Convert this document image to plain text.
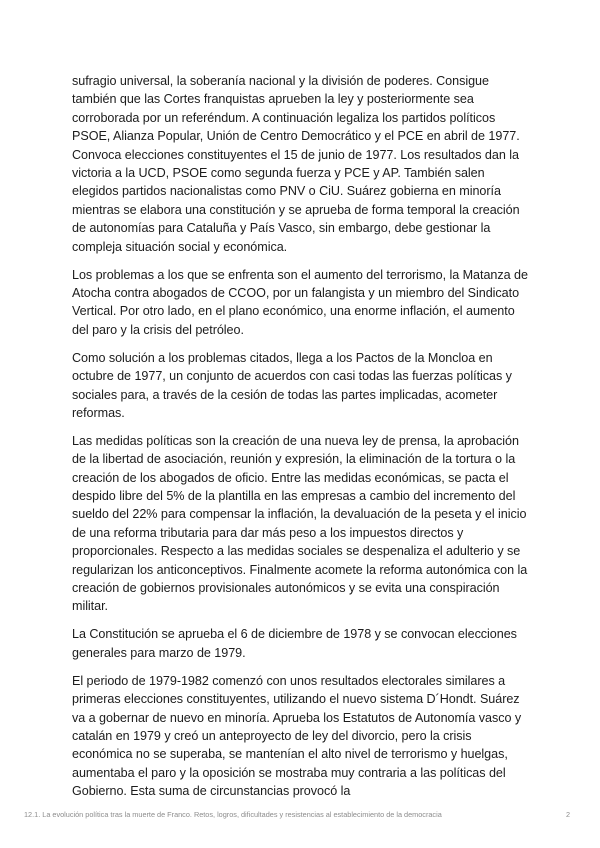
sufragio universal, la soberanía nacional y la división de poderes. Consigue también que las Cortes franquistas aprueben la ley y posteriormente sea corroborada por un referéndum. A continuación legaliza los partidos políticos PSOE, Alianza Popular, Unión de Centro Democrático y el PCE en abril de 1977. Convoca elecciones constituyentes el 15 de junio de 1977. Los resultados dan la victoria a la UCD, PSOE como segunda fuerza y PCE y AP. También salen elegidos partidos nacionalistas como PNV o CiU. Suárez gobierna en minoría mientras se elabora una constitución y se aprueba de forma temporal la creación de autonomías para Cataluña y País Vasco, sin embargo, debe gestionar la compleja situación social y económica.

Los problemas a los que se enfrenta son el aumento del terrorismo, la Matanza de Atocha contra abogados de CCOO, por un falangista y un miembro del Sindicato Vertical. Por otro lado, en el plano económico, una enorme inflación, el aumento del paro y la crisis del petróleo.

Como solución a los problemas citados, llega a los Pactos de la Moncloa en octubre de 1977, un conjunto de acuerdos con casi todas las fuerzas políticas y sociales para, a través de la cesión de todas las partes implicadas, acometer reformas.

Las medidas políticas son la creación de una nueva ley de prensa, la aprobación de la libertad de asociación, reunión y expresión, la eliminación de la tortura o la creación de los abogados de oficio. Entre las medidas económicas, se pacta el despido libre del 5% de la plantilla en las empresas a cambio del incremento del sueldo del 22% para compensar la inflación, la devaluación de la peseta y el inicio de una reforma tributaria para dar más peso a los impuestos directos y proporcionales. Respecto a las medidas sociales se despenaliza el adulterio y se regularizan los anticonceptivos. Finalmente acomete la reforma autonómica con la creación de gobiernos provisionales autonómicos y se evita una conspiración militar.

La Constitución se aprueba el 6 de diciembre de 1978 y se convocan elecciones generales para marzo de 1979.

El periodo de 1979-1982 comenzó con unos resultados electorales similares a primeras elecciones constituyentes, utilizando el nuevo sistema D´Hondt. Suárez va a gobernar de nuevo en minoría. Aprueba los Estatutos de Autonomía vasco y catalán en 1979 y creó un anteproyecto de ley del divorcio, pero la crisis económica no se superaba, se mantenían el alto nivel de terrorismo y huelgas, aumentaba el paro y la oposición se mostraba muy contraria a las políticas del Gobierno. Esta suma de circunstancias provocó la

12.1. La evolución política tras la muerte de Franco. Retos, logros, dificultades y resistencias al establecimiento de la democracia	2
